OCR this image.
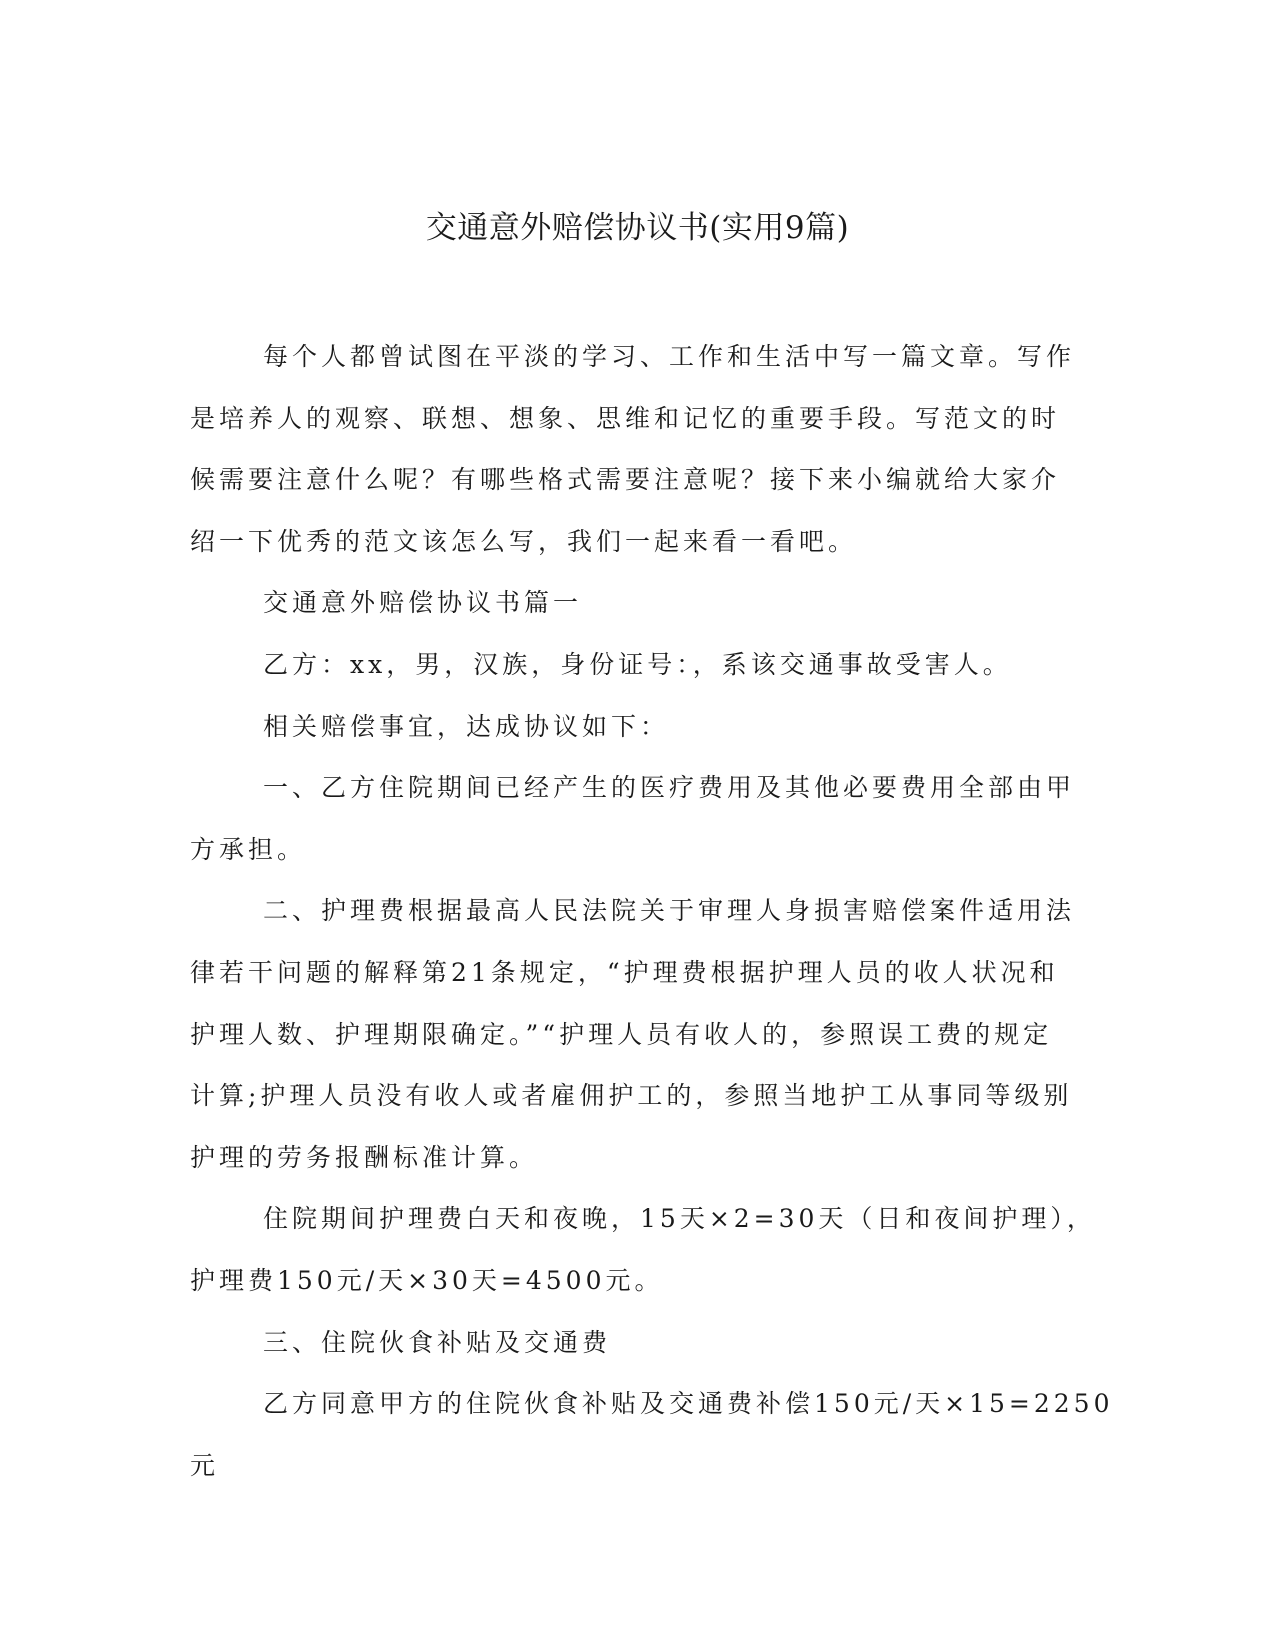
交通意外赔偿协议书(实用9篇)

每个人都曾试图在平淡的学习、工作和生活中写一篇文章。写作

是培养人的观察、联想、想象、思维和记忆的重要手段。写范文的时

候需要注意什么呢？有哪些格式需要注意呢？接下来小编就给大家介

绍一下优秀的范文该怎么写，我们一起来看一看吧。

交通意外赔偿协议书篇一

乙方：xx，男，汉族，身份证号：，系该交通事故受害人。

相关赔偿事宜，达成协议如下：

一、乙方住院期间已经产生的医疗费用及其他必要费用全部由甲

方承担。

二、护理费根据最高人民法院关于审理人身损害赔偿案件适用法

律若干问题的解释第21条规定，“护理费根据护理人员的收人状况和

护理人数、护理期限确定。”“护理人员有收人的，参照误工费的规定

计算;护理人员没有收人或者雇佣护工的，参照当地护工从事同等级别

护理的劳务报酬标准计算。

住院期间护理费白天和夜晚，15天×2=30天（日和夜间护理），

护理费150元/天×30天=4500元。

三、住院伙食补贴及交通费

乙方同意甲方的住院伙食补贴及交通费补偿150元/天×15=2250

元
